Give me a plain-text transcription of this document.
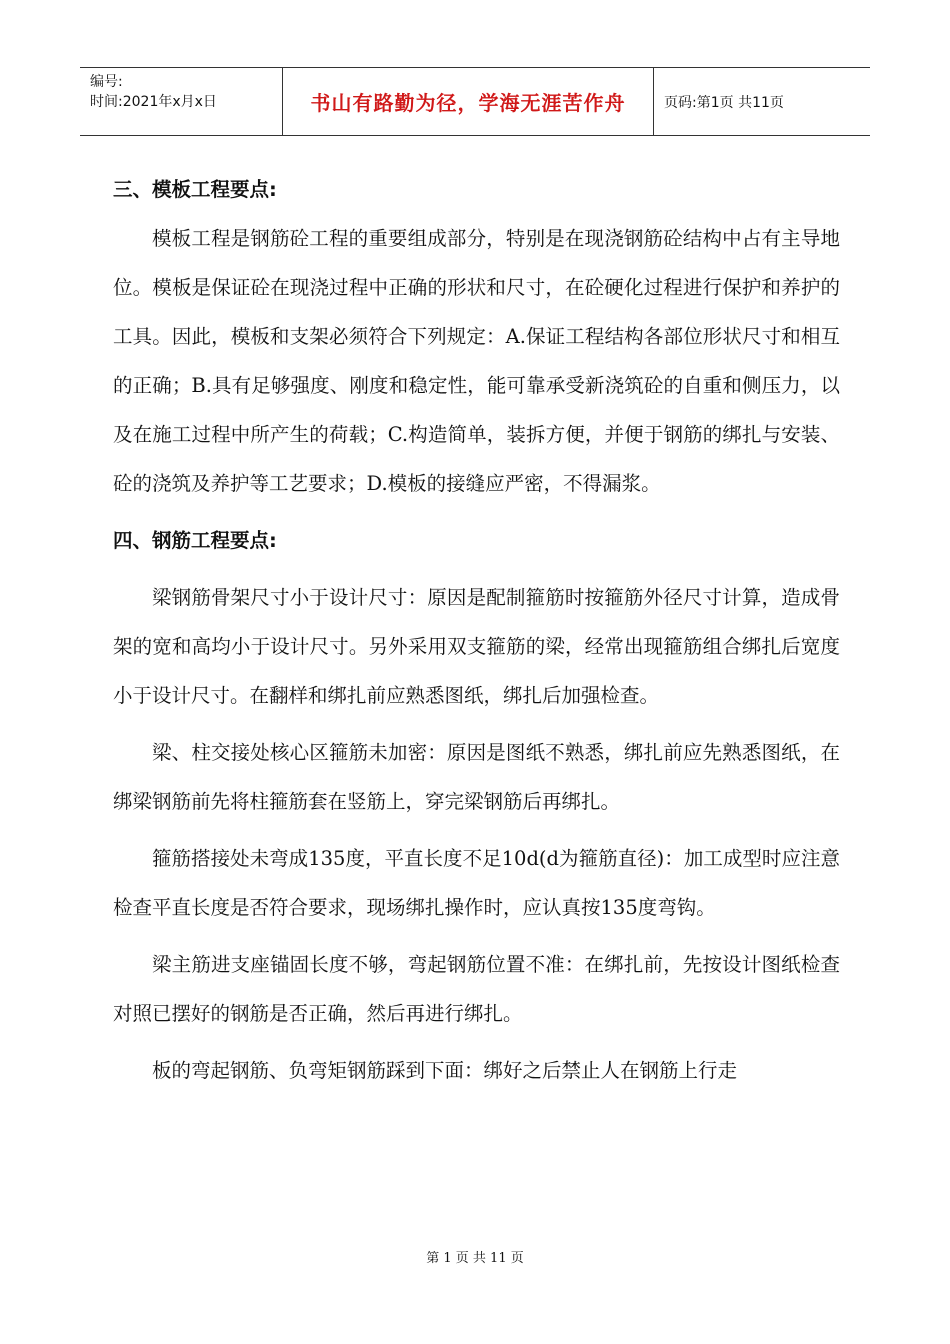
编号:
时间:2021年x月x日	书山有路勤为径，学海无涯苦作舟	页码:第1页 共11页
三、模板工程要点:

模板工程是钢筋砼工程的重要组成部分，特别是在现浇钢筋砼结构中占有主导地位。模板是保证砼在现浇过程中正确的形状和尺寸，在砼硬化过程进行保护和养护的工具。因此，模板和支架必须符合下列规定：A.保证工程结构各部位形状尺寸和相互的正确；B.具有足够强度、刚度和稳定性，能可靠承受新浇筑砼的自重和侧压力，以及在施工过程中所产生的荷载；C.构造简单，装拆方便，并便于钢筋的绑扎与安装、砼的浇筑及养护等工艺要求；D.模板的接缝应严密，不得漏浆。

四、钢筋工程要点:

梁钢筋骨架尺寸小于设计尺寸：原因是配制箍筋时按箍筋外径尺寸计算，造成骨架的宽和高均小于设计尺寸。另外采用双支箍筋的梁，经常出现箍筋组合绑扎后宽度小于设计尺寸。在翻样和绑扎前应熟悉图纸，绑扎后加强检查。

梁、柱交接处核心区箍筋未加密：原因是图纸不熟悉，绑扎前应先熟悉图纸，在绑梁钢筋前先将柱箍筋套在竖筋上，穿完梁钢筋后再绑扎。

箍筋搭接处未弯成135度，平直长度不足10d(d为箍筋直径)：加工成型时应注意检查平直长度是否符合要求，现场绑扎操作时，应认真按135度弯钩。

梁主筋进支座锚固长度不够，弯起钢筋位置不准：在绑扎前，先按设计图纸检查对照已摆好的钢筋是否正确，然后再进行绑扎。

板的弯起钢筋、负弯矩钢筋踩到下面：绑好之后禁止人在钢筋上行走

第 1 页 共 11 页
